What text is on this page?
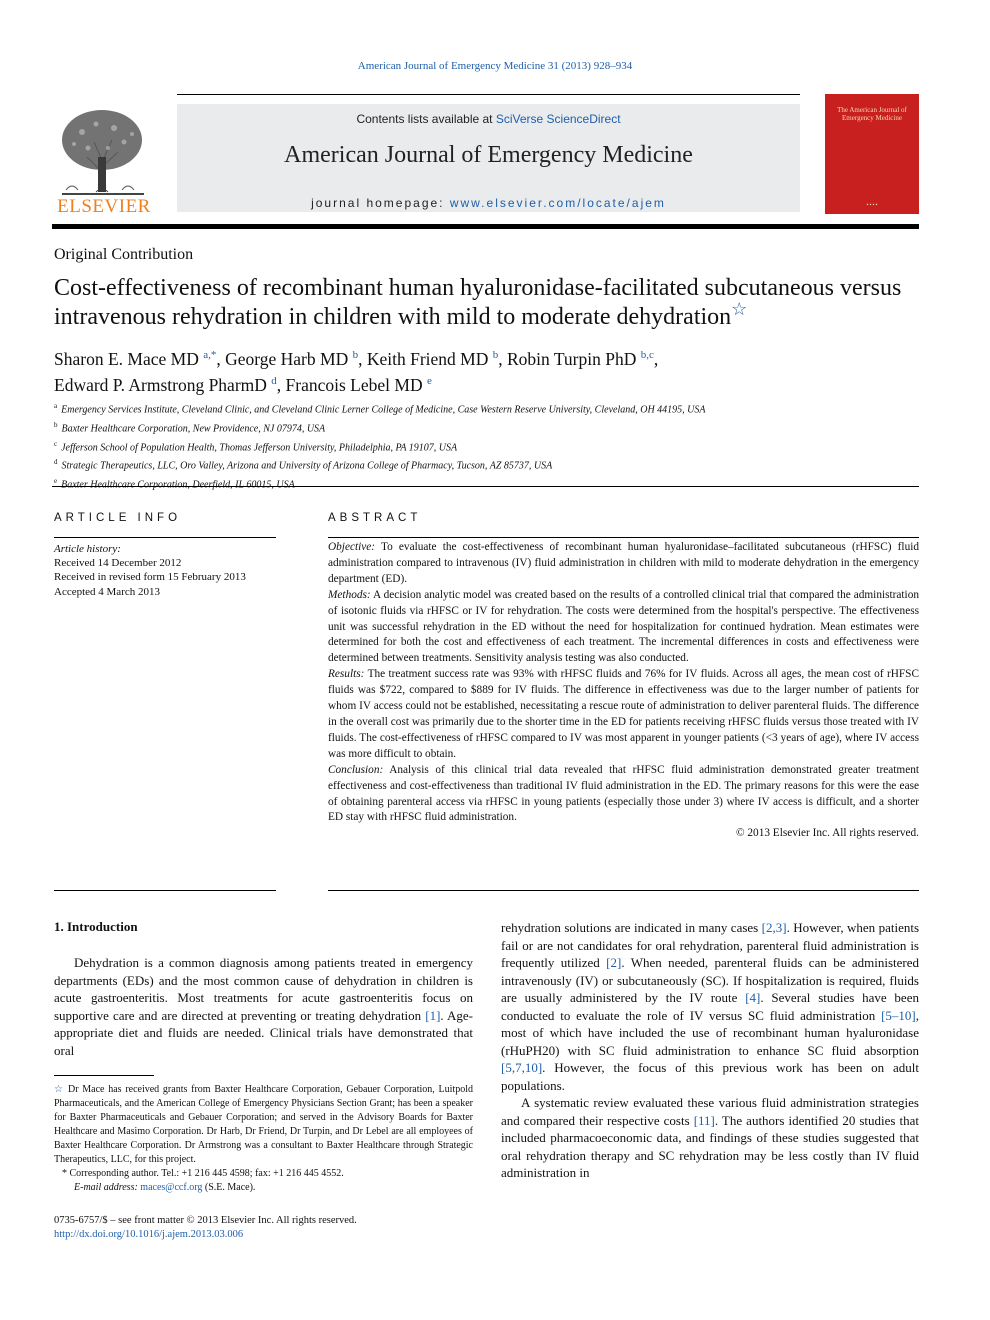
American Journal of Emergency Medicine 31 (2013) 928–934
ELSEVIER
Contents lists available at SciVerse ScienceDirect
American Journal of Emergency Medicine
journal homepage: www.elsevier.com/locate/ajem
The American Journal of Emergency Medicine
▪ ▪ ▪ ▪
Original Contribution
Cost-effectiveness of recombinant human hyaluronidase-facilitated subcutaneous versus intravenous rehydration in children with mild to moderate dehydration☆
Sharon E. Mace MD $^{a,*}$, George Harb MD $^b$, Keith Friend MD $^b$, Robin Turpin PhD $^{b,c}$,
Edward P. Armstrong PharmD $^d$, Francois Lebel MD $^e$
$^a$ Emergency Services Institute, Cleveland Clinic, and Cleveland Clinic Lerner College of Medicine, Case Western Reserve University, Cleveland, OH 44195, USA
$^b$ Baxter Healthcare Corporation, New Providence, NJ 07974, USA
$^c$ Jefferson School of Population Health, Thomas Jefferson University, Philadelphia, PA 19107, USA
$^d$ Strategic Therapeutics, LLC, Oro Valley, Arizona and University of Arizona College of Pharmacy, Tucson, AZ 85737, USA
$^e$
ARTICLE INFO
Article history:
Received 14 December 2012
Received in revised form 15 February 2013
Accepted 4 March 2013
ABSTRACT
Objective: To evaluate the cost-effectiveness of recombinant human hyaluronidase–facilitated subcutaneous (rHFSC) fluid administration compared to intravenous (IV) fluid administration in children with mild to moderate dehydration in the emergency department (ED).
Methods: A decision analytic model was created based on the results of a controlled clinical trial that compared the administration of isotonic fluids via rHFSC or IV for rehydration. The costs were determined from the hospital's perspective. The effectiveness unit was successful rehydration in the ED without the need for hospitalization for continued hydration. Mean estimates were determined for both the cost and effectiveness of each treatment. The incremental differences in costs and effectiveness were determined between treatments. Sensitivity analysis testing was also conducted.
Results: The treatment success rate was 93% with rHFSC fluids and 76% for IV fluids. Across all ages, the mean cost of rHFSC fluids was $722, compared to $889 for IV fluids. The difference in effectiveness was due to the larger number of patients for whom IV access could not be established, necessitating a rescue route of administration to deliver parenteral fluids. The difference in the overall cost was primarily due to the shorter time in the ED for patients receiving rHFSC fluids versus those treated with IV fluids. The cost-effectiveness of rHFSC compared to IV was most apparent in younger patients (<3 years of age), where IV access was more difficult to obtain.
Conclusion: Analysis of this clinical trial data revealed that rHFSC fluid administration demonstrated greater treatment effectiveness and cost-effectiveness than traditional IV fluid administration in the ED. The primary reasons for this were the ease of obtaining parenteral access via rHFSC in young patients (especially those under 3) where IV access is difficult, and a shorter ED stay with rHFSC fluid administration.
© 2013 Elsevier Inc. All rights reserved.
1. Introduction

Dehydration is a common diagnosis among patients treated in emergency departments (EDs) and the most common cause of dehydration in children is acute gastroenteritis. Most treatments for acute gastroenteritis focus on supportive care and are directed at preventing or treating dehydration [1]. Age-appropriate diet and fluids are needed. Clinical trials have demonstrated that oral

rehydration solutions are indicated in many cases [2,3]. However, when patients fail or are not candidates for oral rehydration, parenteral fluid administration is frequently utilized [2]. When needed, parenteral fluids can be administered intravenously (IV) or subcutaneously (SC). If hospitalization is required, fluids are usually administered by the IV route [4]. Several studies have been conducted to evaluate the role of IV versus SC fluid administration [5–10], most of which have included the use of recombinant human hyaluronidase (rHuPH20) with SC fluid administration to enhance SC fluid absorption [5,7,10]. However, the focus of this previous work has been on adult populations.

A systematic review evaluated these various fluid administration strategies and compared their respective costs [11]. The authors identified 20 studies that included pharmacoeconomic data, and findings of these studies suggested that oral rehydration therapy and SC rehydration may be less costly than IV fluid administration in

☆ Dr Mace has received grants from Baxter Healthcare Corporation, Gebauer Corporation, Luitpold Pharmaceuticals, and the American College of Emergency Physicians Section Grant; has been a speaker for Baxter Pharmaceuticals and Gebauer Corporation; and served in the Advisory Boards for Baxter Healthcare and Masimo Corporation. Dr Harb, Dr Friend, Dr Turpin, and Dr Lebel are all employees of Baxter Healthcare Corporation. Dr Armstrong was a consultant to Baxter Healthcare through Strategic Therapeutics, LLC, for this project.
* Corresponding author. Tel.: +1 216 445 4598; fax: +1 216 445 4552.
E-mail address: maces@ccf.org (S.E. Mace).
0735-6757/$ – see front matter © 2013 Elsevier Inc. All rights reserved.
http://dx.doi.org/10.1016/j.ajem.2013.03.006
